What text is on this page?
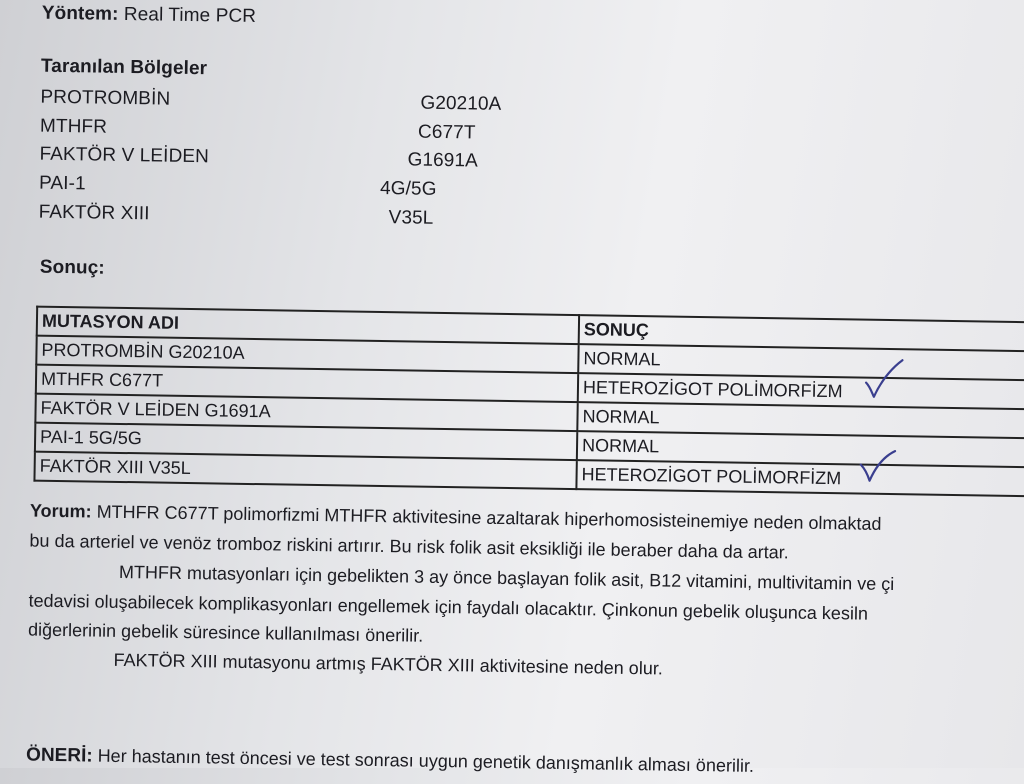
Yöntem: Real Time PCR
Taranılan Bölgeler
PROTROMBİN	G20210A
MTHFR	C677T
FAKTÖR V LEİDEN	G1691A
PAI-1	4G/5G
FAKTÖR XIII	V35L
Sonuç:
MUTASYON ADI	SONUÇ
PROTROMBİN G20210A	NORMAL
MTHFR C677T	HETEROZİGOT POLİMORFİZM
FAKTÖR V LEİDEN G1691A	NORMAL
PAI-1 5G/5G	NORMAL
FAKTÖR XIII V35L	HETEROZİGOT POLİMORFİZM
Yorum: MTHFR C677T polimorfizmi MTHFR aktivitesine azaltarak hiperhomosisteinemiye neden olmaktad
bu da arteriel ve venöz tromboz riskini artırır. Bu risk folik asit eksikliği ile beraber daha da artar.
MTHFR mutasyonları için gebelikten 3 ay önce başlayan folik asit, B12 vitamini, multivitamin ve çi
tedavisi oluşabilecek komplikasyonları engellemek için faydalı olacaktır. Çinkonun gebelik oluşunca kesiln
diğerlerinin gebelik süresince kullanılması önerilir.
FAKTÖR XIII mutasyonu artmış FAKTÖR XIII aktivitesine neden olur.
ÖNERİ: Her hastanın test öncesi ve test sonrası uygun genetik danışmanlık alması önerilir.
